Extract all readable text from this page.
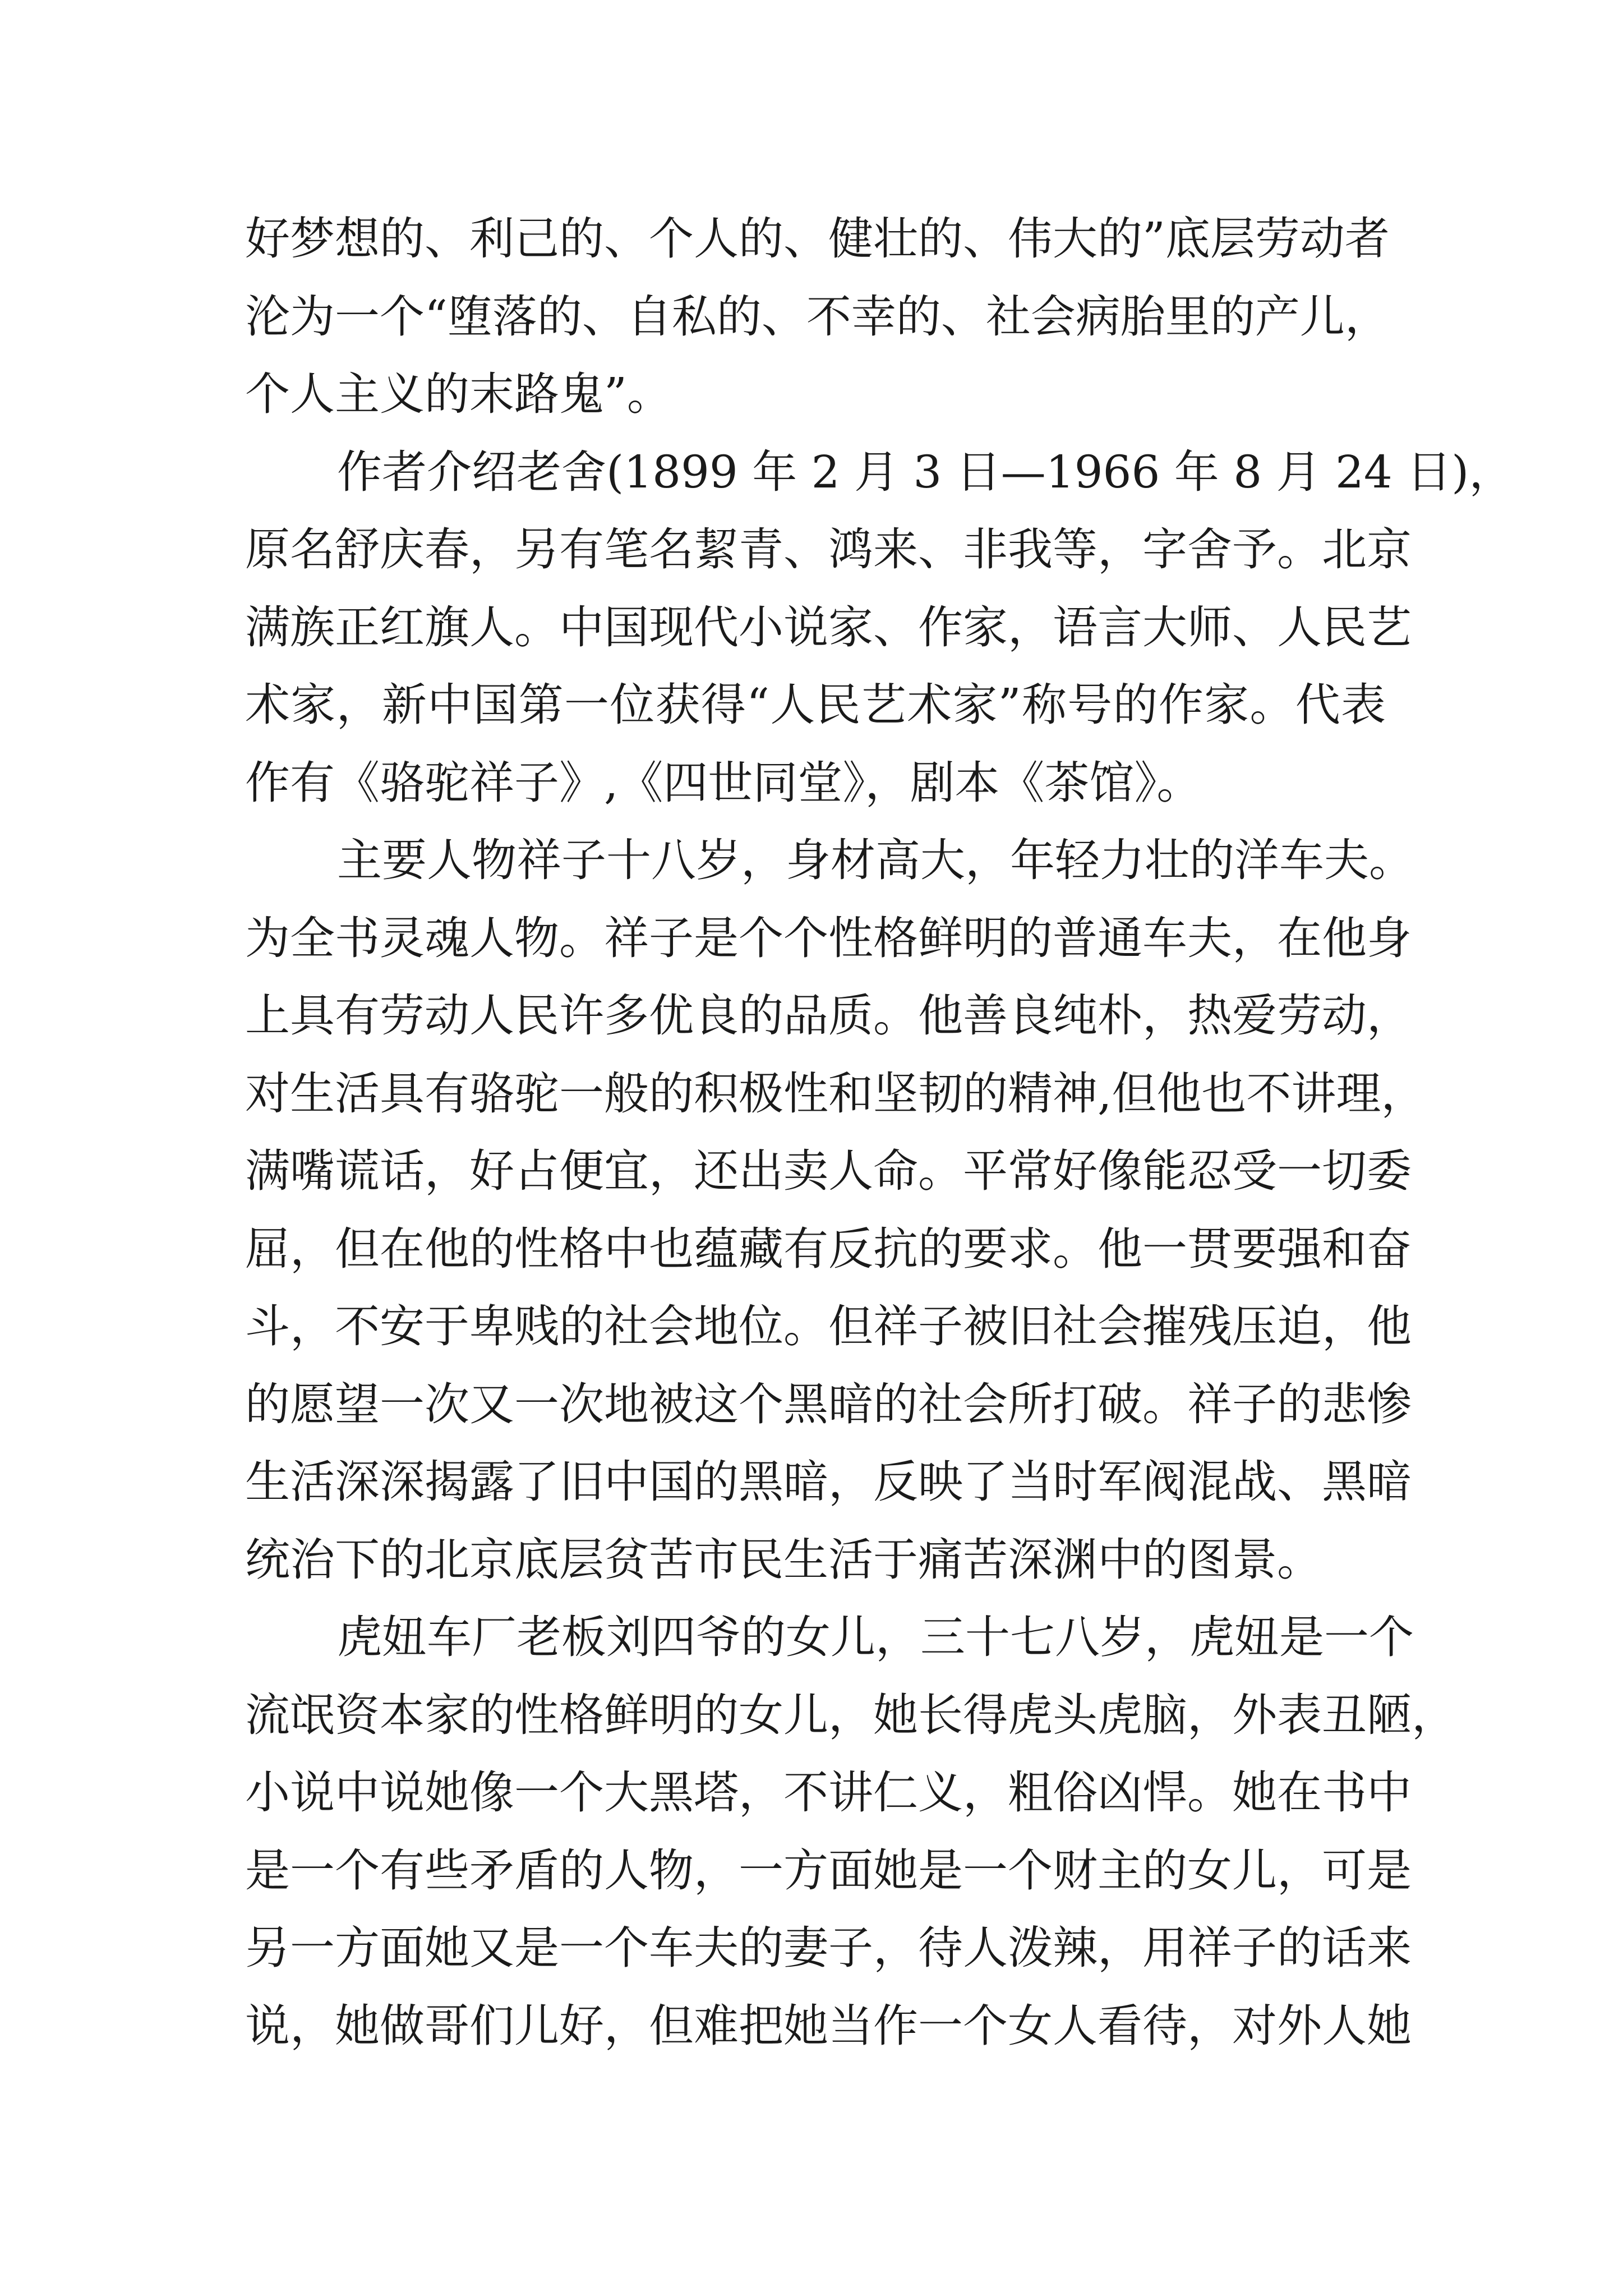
好梦想的、利己的、个人的、健壮的、伟大的”底层劳动者
沦为一个“堕落的、自私的、不幸的、社会病胎里的产儿，
个人主义的末路鬼”。
作者介绍老舍(1899 年 2 月 3 日—1966 年 8 月 24 日)，
原名舒庆春，另有笔名絜青、鸿来、非我等，字舍予。北京
满族正红旗人。中国现代小说家、作家，语言大师、人民艺
术家，新中国第一位获得“人民艺术家”称号的作家。代表
作有《骆驼祥子》,《四世同堂》，剧本《茶馆》。
主要人物祥子十八岁，身材高大，年轻力壮的洋车夫。
为全书灵魂人物。祥子是个个性格鲜明的普通车夫，在他身
上具有劳动人民许多优良的品质。他善良纯朴，热爱劳动，
对生活具有骆驼一般的积极性和坚韧的精神,但他也不讲理，
满嘴谎话，好占便宜，还出卖人命。平常好像能忍受一切委
屈，但在他的性格中也蕴藏有反抗的要求。他一贯要强和奋
斗，不安于卑贱的社会地位。但祥子被旧社会摧残压迫，他
的愿望一次又一次地被这个黑暗的社会所打破。祥子的悲惨
生活深深揭露了旧中国的黑暗，反映了当时军阀混战、黑暗
统治下的北京底层贫苦市民生活于痛苦深渊中的图景。
虎妞车厂老板刘四爷的女儿，三十七八岁，虎妞是一个
流氓资本家的性格鲜明的女儿，她长得虎头虎脑，外表丑陋，
小说中说她像一个大黑塔，不讲仁义，粗俗凶悍。她在书中
是一个有些矛盾的人物，一方面她是一个财主的女儿，可是
另一方面她又是一个车夫的妻子，待人泼辣，用祥子的话来
说，她做哥们儿好，但难把她当作一个女人看待，对外人她
